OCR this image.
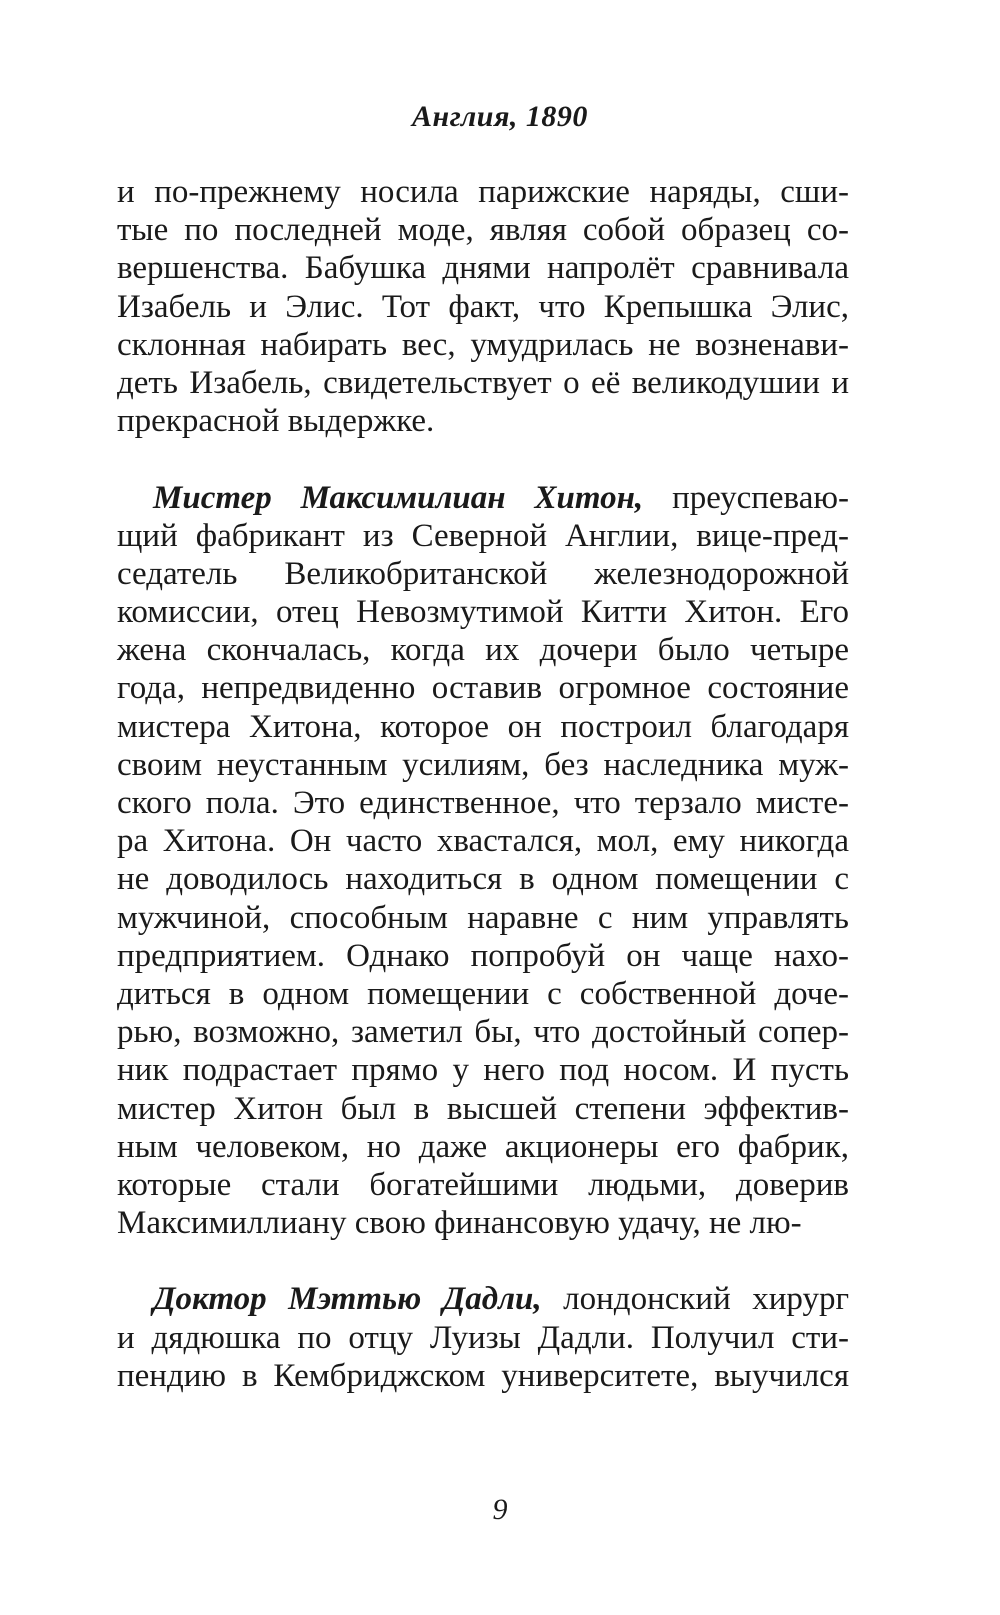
Англия, 1890
и по-прежнему носила парижские наряды, сши-
тые по последней моде, являя собой образец со-
вершенства. Бабушка днями напролёт сравнивала
Изабель и Элис. Тот факт, что Крепышка Элис,
склонная набирать вес, умудрилась не возненави-
деть Изабель, свидетельствует о её великодушии и
прекрасной выдержке.
Мистер Максимилиан Хитон, преуспеваю-
щий фабрикант из Северной Англии, вице-пред-
седатель Великобританской железнодорожной
комиссии, отец Невозмутимой Китти Хитон. Его
жена скончалась, когда их дочери было четыре
года, непредвиденно оставив огромное состояние
мистера Хитона, которое он построил благодаря
своим неустанным усилиям, без наследника муж-
ского пола. Это единственное, что терзало мисте-
ра Хитона. Он часто хвастался, мол, ему никогда
не доводилось находиться в одном помещении с
мужчиной, способным наравне с ним управлять
предприятием. Однако попробуй он чаще нахо-
диться в одном помещении с собственной доче-
рью, возможно, заметил бы, что достойный сопер-
ник подрастает прямо у него под носом. И пусть
мистер Хитон был в высшей степени эффектив-
ным человеком, но даже акционеры его фабрик,
которые стали богатейшими людьми, доверив
Максимиллиану свою финансовую удачу, не лю-
Доктор Мэттью Дадли, лондонский хирург
и дядюшка по отцу Луизы Дадли. Получил сти-
пендию в Кембриджском университете, выучился
9
